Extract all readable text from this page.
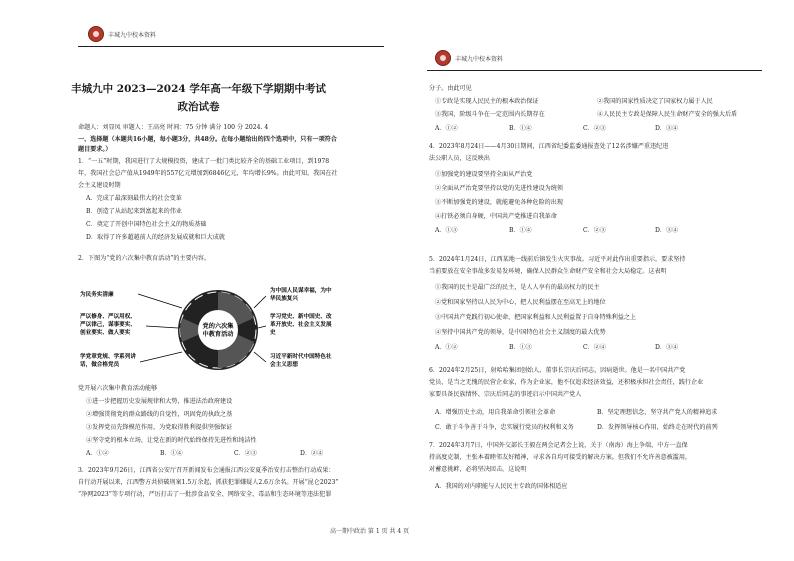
丰城九中校本资料
丰城九中 2023—2024 学年高一年级下学期期中考试
政治试卷
命题人：刘显凤 审题人：王高亮 时间：75 分钟 满分 100 分 2024. 4
一、选择题（本题共16小题，每小题3分，共48分。在每小题给出的四个选项中，只有一项符合
题目要求。）
1．“一五”时期，我国进行了大规模投资，建成了一批门类比较齐全的基础工业项目，到1978
年，我国社会总产值从1949年的557亿元增加到6846亿元，年均增长9%。由此可知，我国在社
会主义建设时期
A．完成了最深刻最伟大的社会变革
B．创造了从站起来到富起来的伟业
C．奠定了开创中国特色社会主义的物质基础
D．取得了许多超越前人的经济发展成就和巨大成就
2．下图为“党的六次集中教育活动”的主要内容。
党的六次集
中教育活动
为民务实清廉
严以修身、严以用权、
严以律己，谋事要实、
创业要实、做人要实
学党章党规、学系列讲
话，做合格党员
为中国人民谋幸福，为中
华民族复兴
学习党史、新中国史、改
革开放史、社会主义发展
史
习近平新时代中国特色社
会主义思想
党开展六次集中教育活动能够
①进一步把握历史发展规律和大势，推进法治政府建设
②增强贯彻党的群众路线的自觉性，巩固党的执政之基
③发挥党员先锋模范作用，为党取得胜利提供坚强保证
④坚守党的根本立场，让党在新的时代始终保持先进性和纯洁性
A．①②	B．①④	C．②③	D．②④
3．2023年9月26日，江西省公安厅召开新闻发布会通报江西公安夏季治安打击整治行动成果：
自行动开展以来，江西警方共侦破刑案1.5万余起，抓获犯罪嫌疑人2.6万余名。开展“昆仑2023”
“净网2023”等专项行动，严厉打击了一批涉食品安全、网络安全、毒品和生态环境等违法犯罪
丰城九中校本资料
分子。由此可见
①专政是实现人民民主的根本政治保证	②我国的国家性质决定了国家权力属于人民
③我国，阶级斗争在一定范围内长期存在	④人民民主专政是保障人民生命财产安全的强大后盾
A．①②	B．①④	C．②③	D．③④
4．2023年8月24日——4月30日期间，江西省纪委监委通报查处了12名涉嫌严重违纪违
法公职人员，这反映出
①加强党的建设要坚持全面从严治党
②全面从严治党要坚持以党的先进性建设为统领
③不断加强党的建设，就能避免各种危险的出现
④打铁必须自身硬，中国共产党推进自我革命
A．①③	B．①④	C．②③	D．③④
5．2024年1月24日，江西某地一线前后镇发生火灾事故。习近平对此作出重要指示，要求坚持
当前要放在安全事故多发易发环境，确保人民群众生命财产安全和社会大局稳定。这表明
①我国的民主是最广泛的民主，是人人享有的最高权力的民主
②党和国家坚持以人民为中心，把人民利益摆在至高无上的地位
③中国共产党践行初心使命，把国家利益和人民利益置于自身特殊利益之上
④坚持中国共产党的领导，是中国特色社会主义制度的最大优势
A．①②	B．①③	C．②④	D．③④
6．2024年2月25日，射哈哈集团创始人、董事长宗庆后同志，因病逝世。他是一名中国共产党
党员，是当之无愧的民营企业家，作为企业家，他不仅追求经济效益，还积极承担社会责任，践行企业
家要具备民族情怀、宗庆后同志的事迹启示中国共产党人
A．增强历史主动，用自我革命引领社会革命	B．坚定理想信念，坚守共产党人的精神追求
C．敢于斗争善于斗争，忠实履行党员的权利和义务	D．发挥领导核心作用，始终走在时代的前列
7．2024年3月7日，中国外交部长王毅在两会记者会上说，关于（南海）海上争端，中方一直保
持高度克制，主张本着睦邻友好精神，寻求各自均可接受的解决方案。但我们不允许善意被滥用，
对蓄意挑衅，必将坚决回击。这说明
A．我国的对内职能与人民民主专政的国体相适应
高一期中政治 第 1 页 共 4 页
